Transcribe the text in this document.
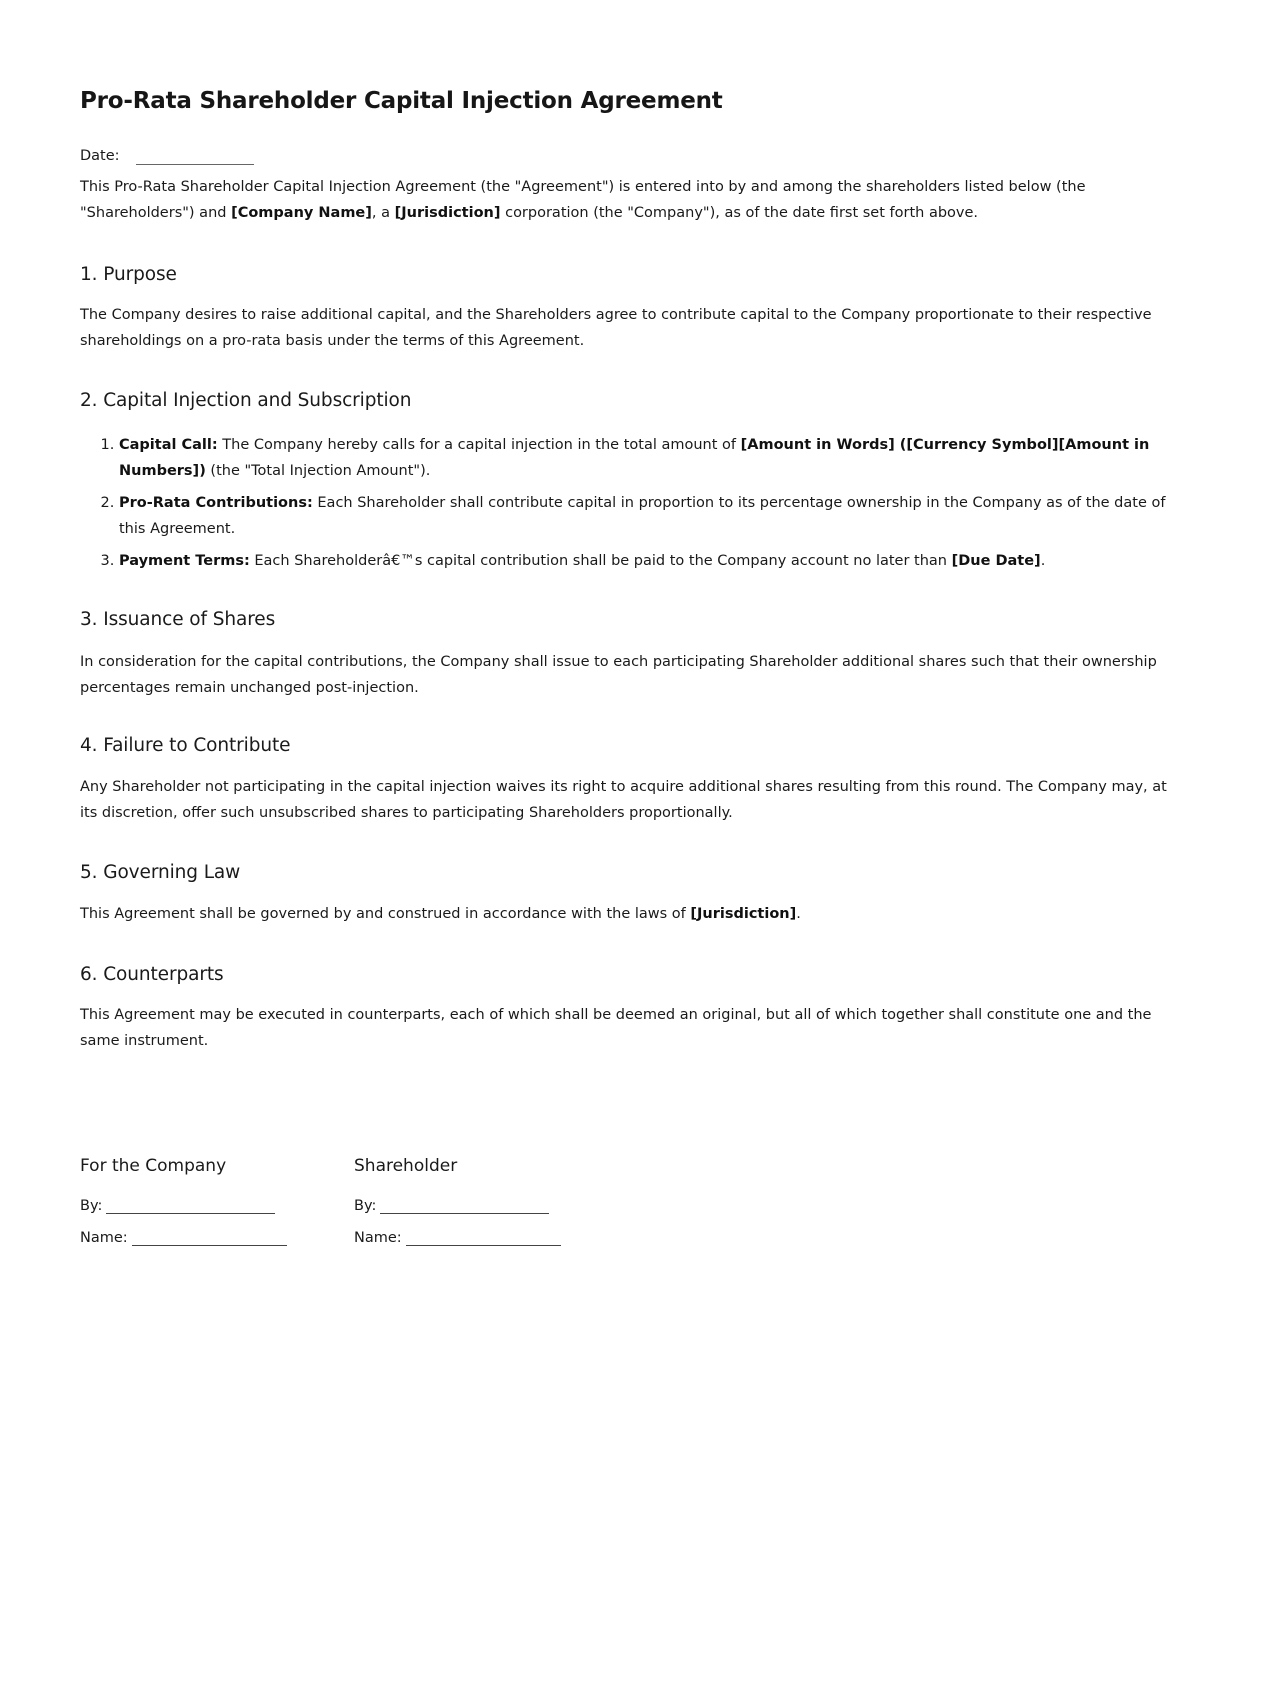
Pro-Rata Shareholder Capital Injection Agreement
Date:

This Pro-Rata Shareholder Capital Injection Agreement (the "Agreement") is entered into by and among the shareholders listed below (the "Shareholders") and [Company Name], a [Jurisdiction] corporation (the "Company"), as of the date first set forth above.

1. Purpose

The Company desires to raise additional capital, and the Shareholders agree to contribute capital to the Company proportionate to their respective shareholdings on a pro-rata basis under the terms of this Agreement.

2. Capital Injection and Subscription
1. Capital Call: The Company hereby calls for a capital injection in the total amount of [Amount in Words] ([Currency Symbol][Amount in Numbers]) (the "Total Injection Amount").
2. Pro-Rata Contributions: Each Shareholder shall contribute capital in proportion to its percentage ownership in the Company as of the date of this Agreement.
3. Payment Terms: Each Shareholderâ€™s capital contribution shall be paid to the Company account no later than [Due Date].
3. Issuance of Shares

In consideration for the capital contributions, the Company shall issue to each participating Shareholder additional shares such that their ownership percentages remain unchanged post-injection.

4. Failure to Contribute

Any Shareholder not participating in the capital injection waives its right to acquire additional shares resulting from this round. The Company may, at its discretion, offer such unsubscribed shares to participating Shareholders proportionally.

5. Governing Law

This Agreement shall be governed by and construed in accordance with the laws of [Jurisdiction].

6. Counterparts

This Agreement may be executed in counterparts, each of which shall be deemed an original, but all of which together shall constitute one and the same instrument.

For the Company
By:
Name:
Shareholder
By:
Name:
